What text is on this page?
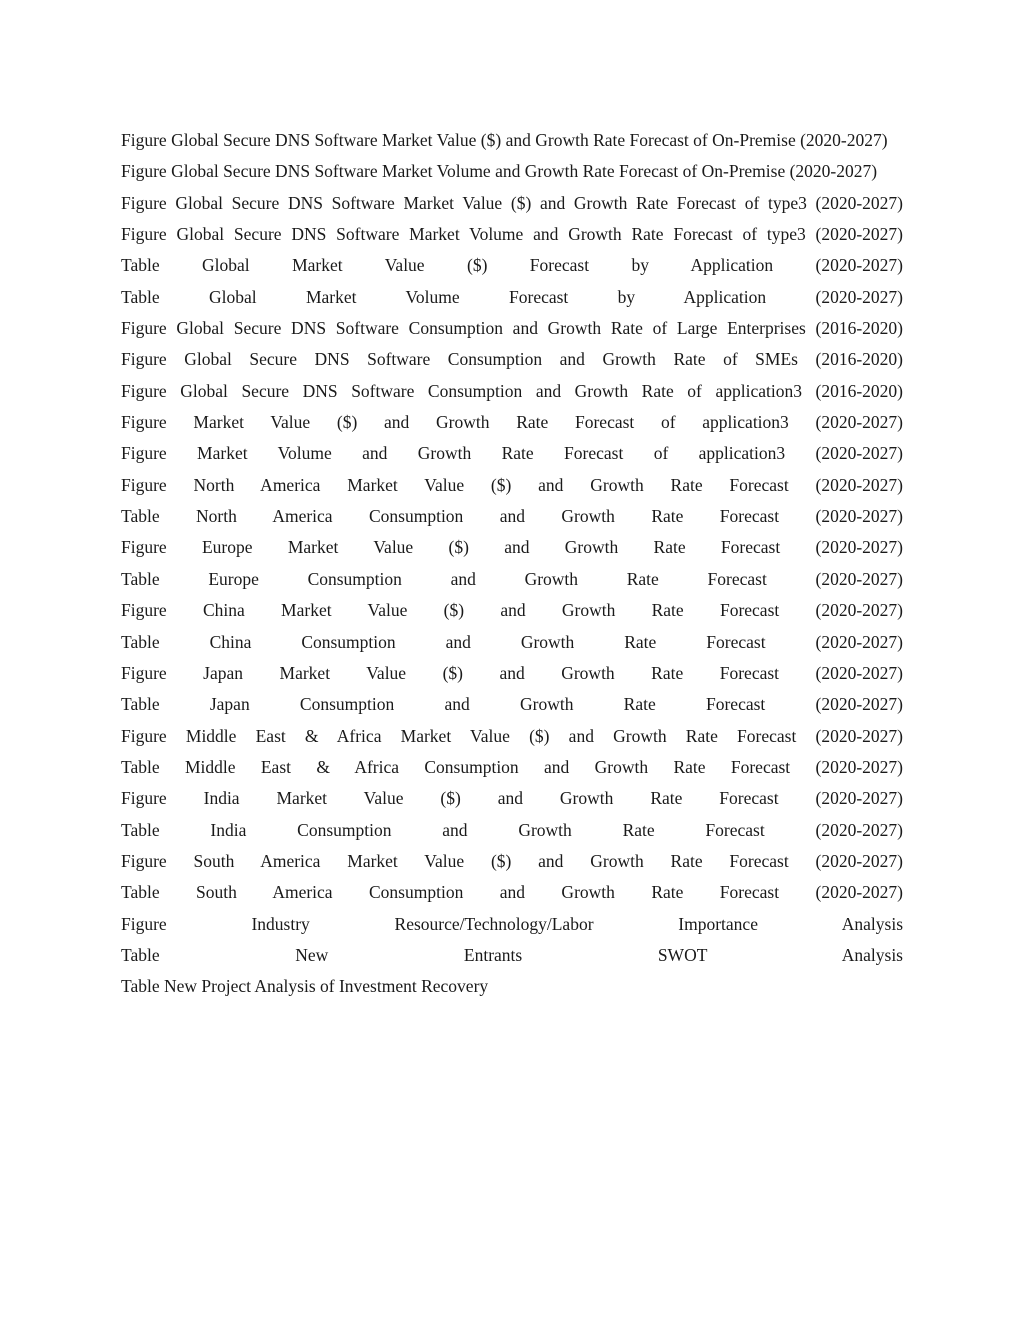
Figure Global Secure DNS Software Market Value ($) and Growth Rate Forecast of On-Premise (2020-2027)

Figure Global Secure DNS Software Market Volume and Growth Rate Forecast of On-Premise (2020-2027)

Figure Global Secure DNS Software Market Value ($) and Growth Rate Forecast of type3 (2020-2027)

Figure Global Secure DNS Software Market Volume and Growth Rate Forecast of type3 (2020-2027)

Table Global Market Value ($) Forecast by Application (2020-2027)

Table Global Market Volume Forecast by Application (2020-2027)

Figure Global Secure DNS Software Consumption and Growth Rate of Large Enterprises (2016-2020)

Figure Global Secure DNS Software Consumption and Growth Rate of SMEs (2016-2020)

Figure Global Secure DNS Software Consumption and Growth Rate of application3 (2016-2020)

Figure Market Value ($) and Growth Rate Forecast of application3 (2020-2027)

Figure Market Volume and Growth Rate Forecast of application3 (2020-2027)

Figure North America Market Value ($) and Growth Rate Forecast (2020-2027)

Table North America Consumption and Growth Rate Forecast (2020-2027)

Figure Europe Market Value ($) and Growth Rate Forecast (2020-2027)

Table Europe Consumption and Growth Rate Forecast (2020-2027)

Figure China Market Value ($) and Growth Rate Forecast (2020-2027)

Table China Consumption and Growth Rate Forecast (2020-2027)

Figure Japan Market Value ($) and Growth Rate Forecast (2020-2027)

Table Japan Consumption and Growth Rate Forecast (2020-2027)

Figure Middle East & Africa Market Value ($) and Growth Rate Forecast (2020-2027)

Table Middle East & Africa Consumption and Growth Rate Forecast (2020-2027)

Figure India Market Value ($) and Growth Rate Forecast (2020-2027)

Table India Consumption and Growth Rate Forecast (2020-2027)

Figure South America Market Value ($) and Growth Rate Forecast (2020-2027)

Table South America Consumption and Growth Rate Forecast (2020-2027)

Figure Industry Resource/Technology/Labor Importance Analysis

Table New Entrants SWOT Analysis

Table New Project Analysis of Investment Recovery
